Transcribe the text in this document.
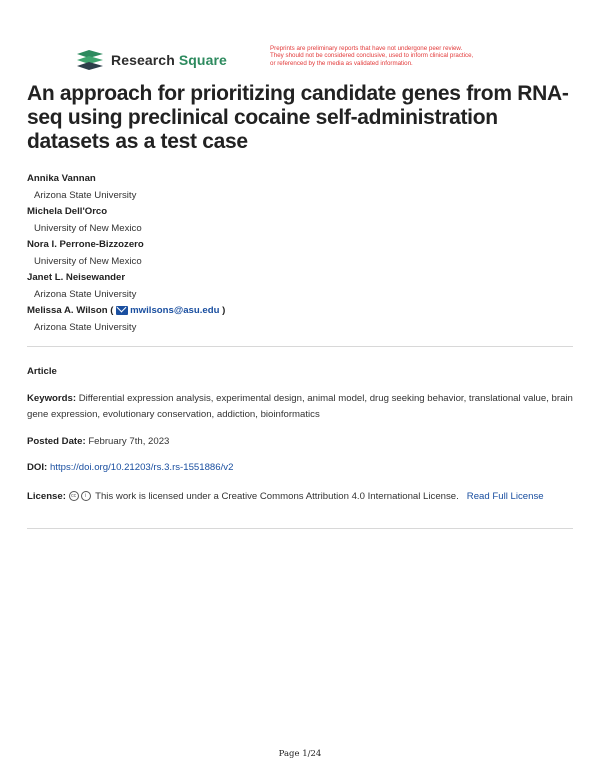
Research Square
Preprints are preliminary reports that have not undergone peer review.
They should not be considered conclusive, used to inform clinical practice,
or referenced by the media as validated information.
An approach for prioritizing candidate genes from RNA-seq using preclinical cocaine self-administration datasets as a test case
Annika Vannan
Arizona State University
Michela Dell'Orco
University of New Mexico
Nora I. Perrone-Bizzozero
University of New Mexico
Janet L. Neisewander
Arizona State University
Melissa A. Wilson ( mwilsons@asu.edu )
Arizona State University
Article
Keywords: Differential expression analysis, experimental design, animal model, drug seeking behavior, translational value, brain gene expression, evolutionary conservation, addiction, bioinformatics
Posted Date: February 7th, 2023
DOI: https://doi.org/10.21203/rs.3.rs-1551886/v2
License: cc i This work is licensed under a Creative Commons Attribution 4.0 International License. Read Full License
Page 1/24
